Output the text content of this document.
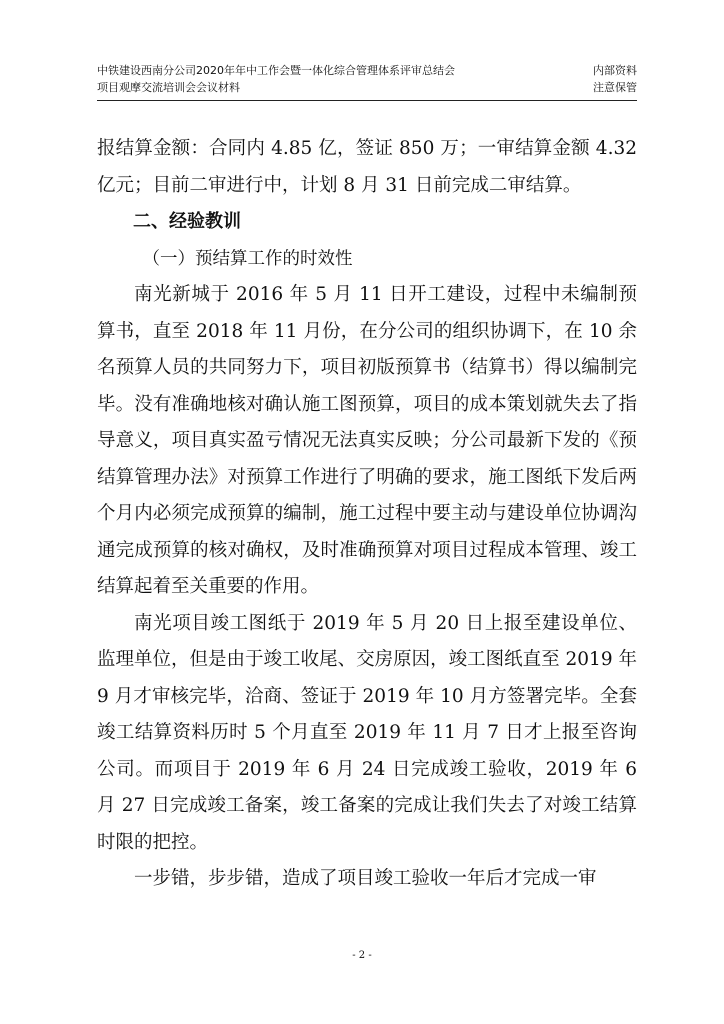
中铁建设西南分公司2020年年中工作会暨一体化综合管理体系评审总结会	内部资料
项目观摩交流培训会会议材料	注意保管

报结算金额：合同内 4.85 亿，签证 850 万；一审结算金额 4.32 亿元；目前二审进行中，计划 8 月 31 日前完成二审结算。

二、经验教训

（一）预结算工作的时效性

南光新城于 2016 年 5 月 11 日开工建设，过程中未编制预算书，直至 2018 年 11 月份，在分公司的组织协调下，在 10 余名预算人员的共同努力下，项目初版预算书（结算书）得以编制完毕。没有准确地核对确认施工图预算，项目的成本策划就失去了指导意义，项目真实盈亏情况无法真实反映；分公司最新下发的《预结算管理办法》对预算工作进行了明确的要求，施工图纸下发后两个月内必须完成预算的编制，施工过程中要主动与建设单位协调沟通完成预算的核对确权，及时准确预算对项目过程成本管理、竣工结算起着至关重要的作用。

南光项目竣工图纸于 2019 年 5 月 20 日上报至建设单位、监理单位，但是由于竣工收尾、交房原因，竣工图纸直至 2019 年 9 月才审核完毕，洽商、签证于 2019 年 10 月方签署完毕。全套竣工结算资料历时 5 个月直至 2019 年 11 月 7 日才上报至咨询公司。而项目于 2019 年 6 月 24 日完成竣工验收，2019 年 6 月 27 日完成竣工备案，竣工备案的完成让我们失去了对竣工结算时限的把控。

一步错，步步错，造成了项目竣工验收一年后才完成一审

- 2 -
